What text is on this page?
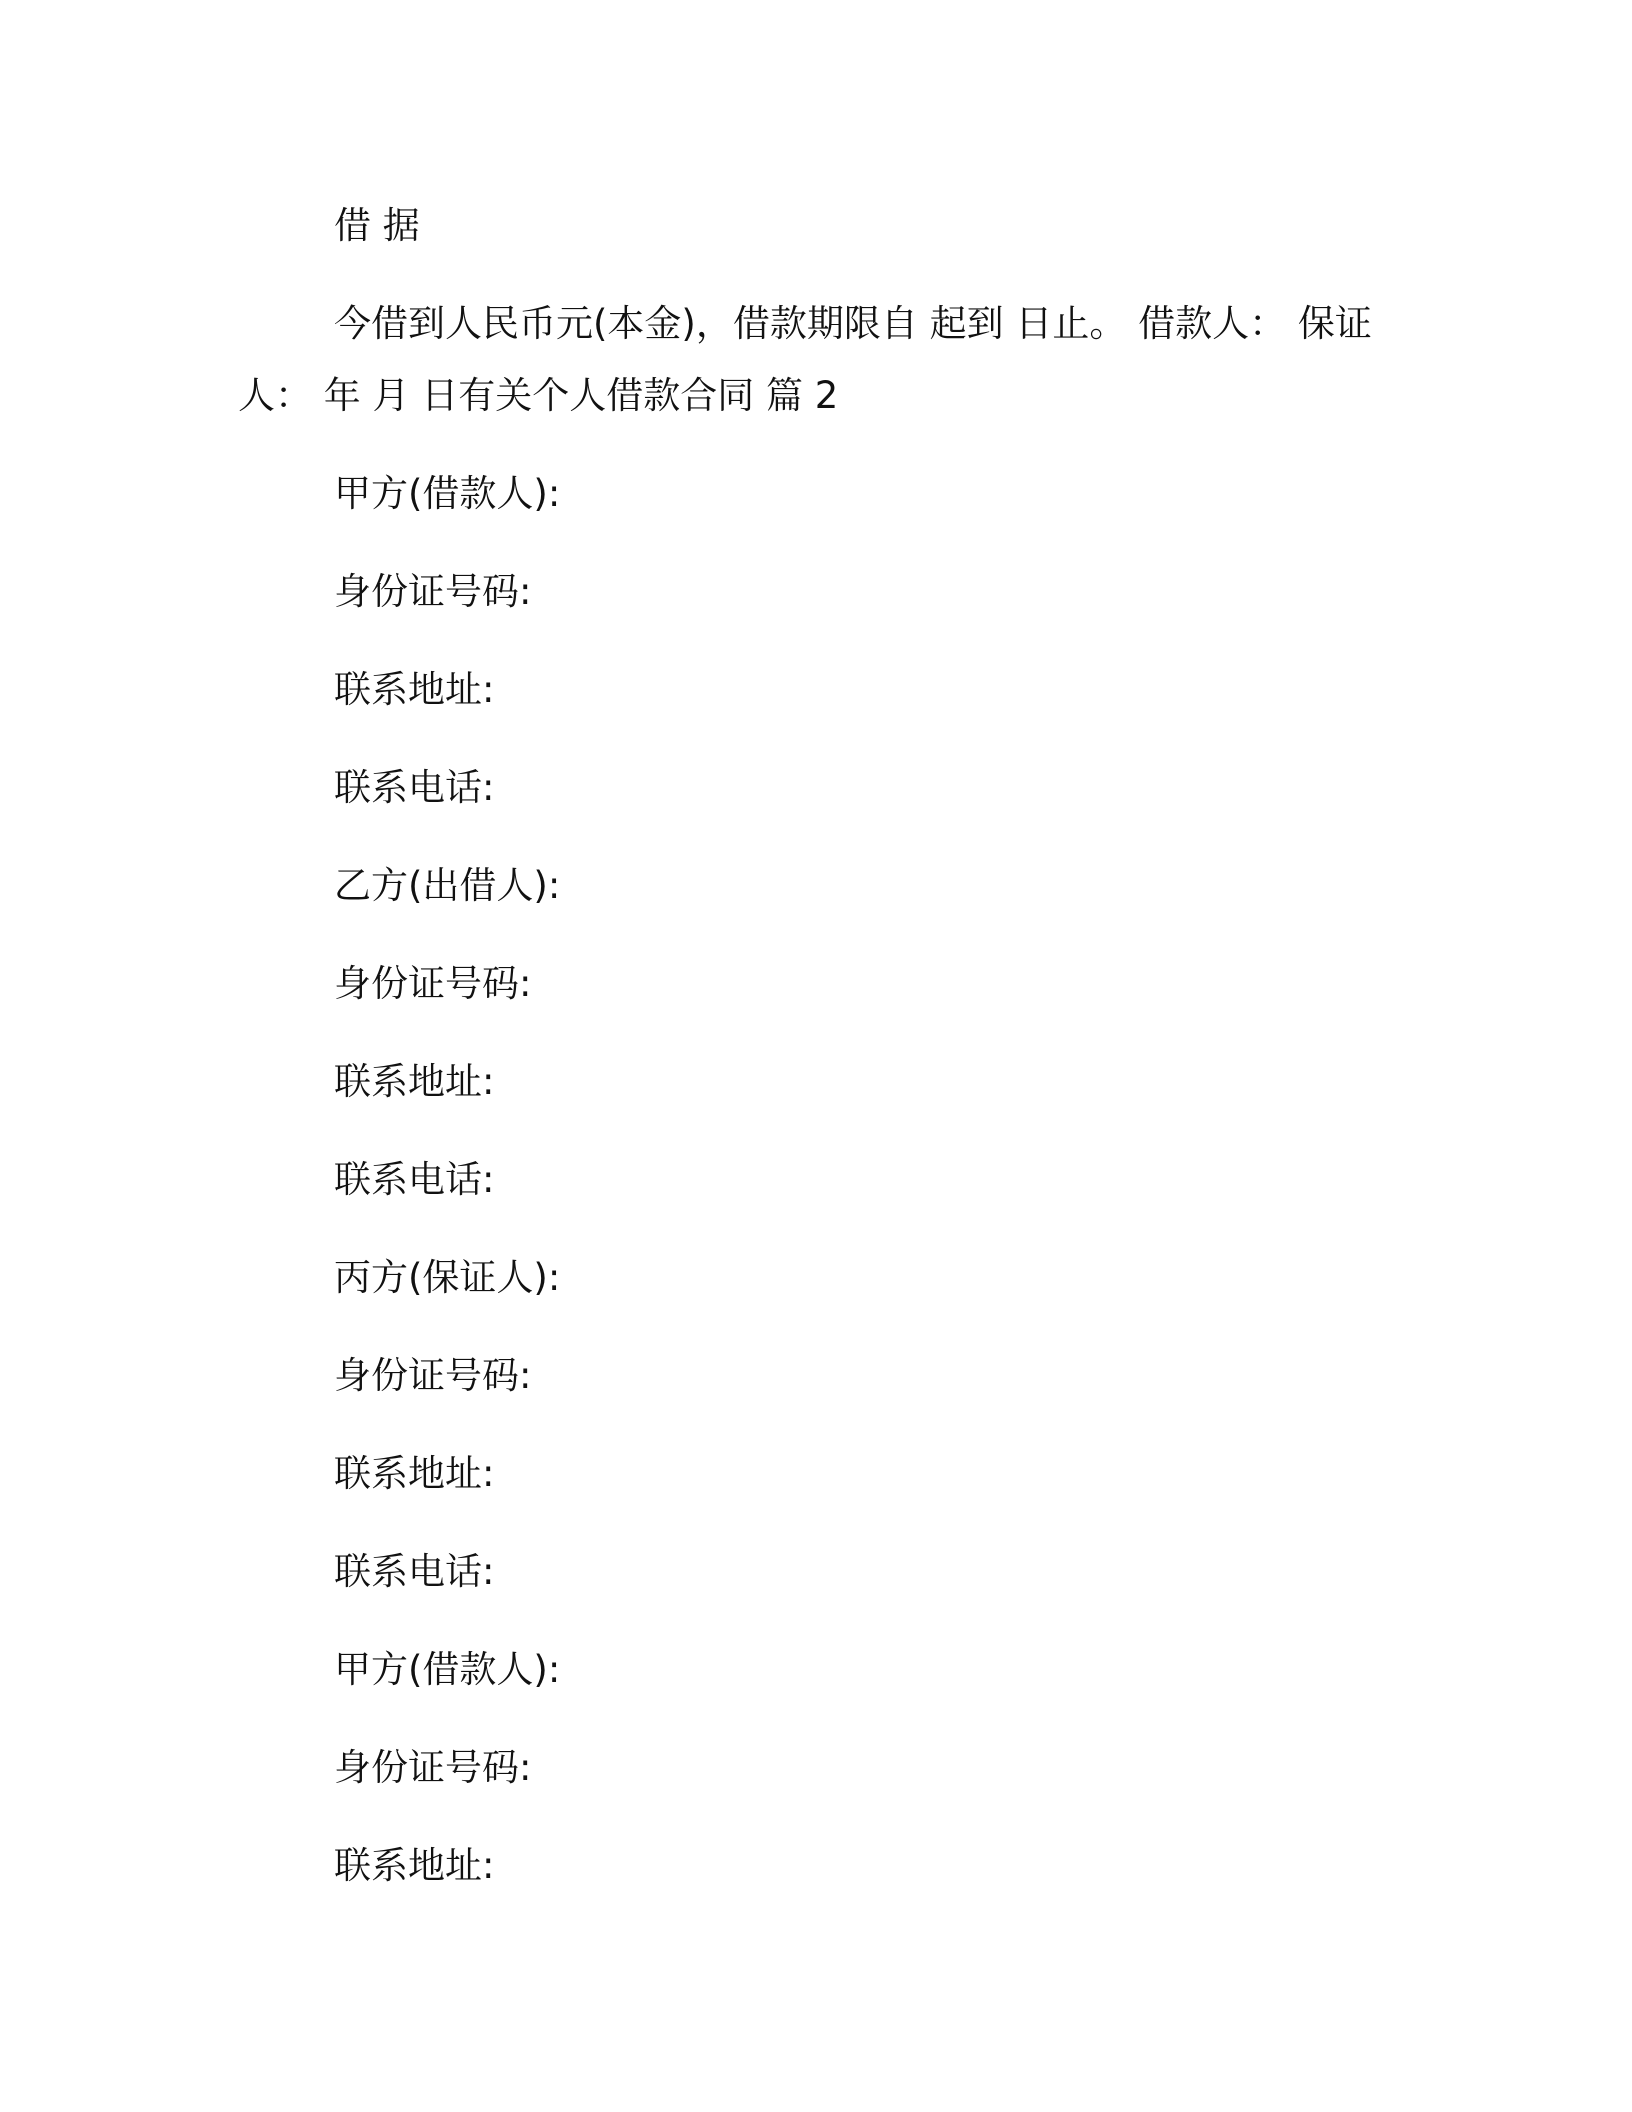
借 据

今借到人民币元(本金)，借款期限自 起到 日止。 借款人： 保证人： 年 月 日有关个人借款合同 篇 2

甲方(借款人):

身份证号码:

联系地址:

联系电话:

乙方(出借人):

身份证号码:

联系地址:

联系电话:

丙方(保证人):

身份证号码:

联系地址:

联系电话:

甲方(借款人):

身份证号码:

联系地址:
